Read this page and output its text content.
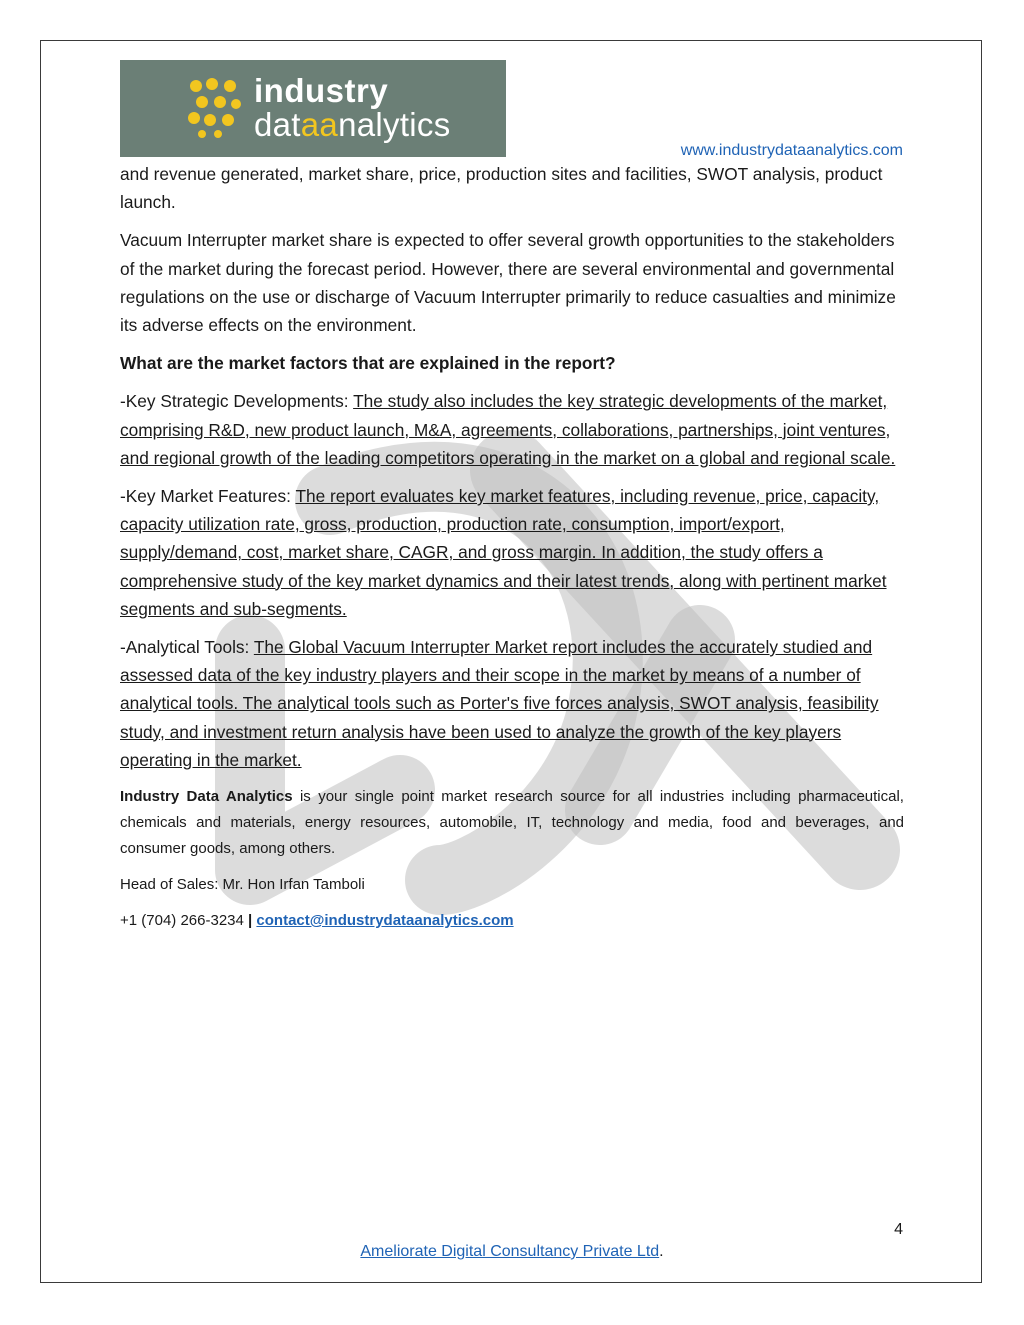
industry
dataanalytics
www.industrydataanalytics.com

and revenue generated, market share, price, production sites and facilities, SWOT analysis, product launch.

Vacuum Interrupter market share is expected to offer several growth opportunities to the stakeholders of the market during the forecast period. However, there are several environmental and governmental regulations on the use or discharge of Vacuum Interrupter primarily to reduce casualties and minimize its adverse effects on the environment.

What are the market factors that are explained in the report?

-Key Strategic Developments: The study also includes the key strategic developments of the market, comprising R&D, new product launch, M&A, agreements, collaborations, partnerships, joint ventures, and regional growth of the leading competitors operating in the market on a global and regional scale.

-Key Market Features: The report evaluates key market features, including revenue, price, capacity, capacity utilization rate, gross, production, production rate, consumption, import/export, supply/demand, cost, market share, CAGR, and gross margin. In addition, the study offers a comprehensive study of the key market dynamics and their latest trends, along with pertinent market segments and sub-segments.

-Analytical Tools: The Global Vacuum Interrupter Market report includes the accurately studied and assessed data of the key industry players and their scope in the market by means of a number of analytical tools. The analytical tools such as Porter's five forces analysis, SWOT analysis, feasibility study, and investment return analysis have been used to analyze the growth of the key players operating in the market.

Industry Data Analytics is your single point market research source for all industries including pharmaceutical, chemicals and materials, energy resources, automobile, IT, technology and media, food and beverages, and consumer goods, among others.

Head of Sales: Mr. Hon Irfan Tamboli

+1 (704) 266-3234 | contact@industrydataanalytics.com

4
Ameliorate Digital Consultancy Private Ltd.
